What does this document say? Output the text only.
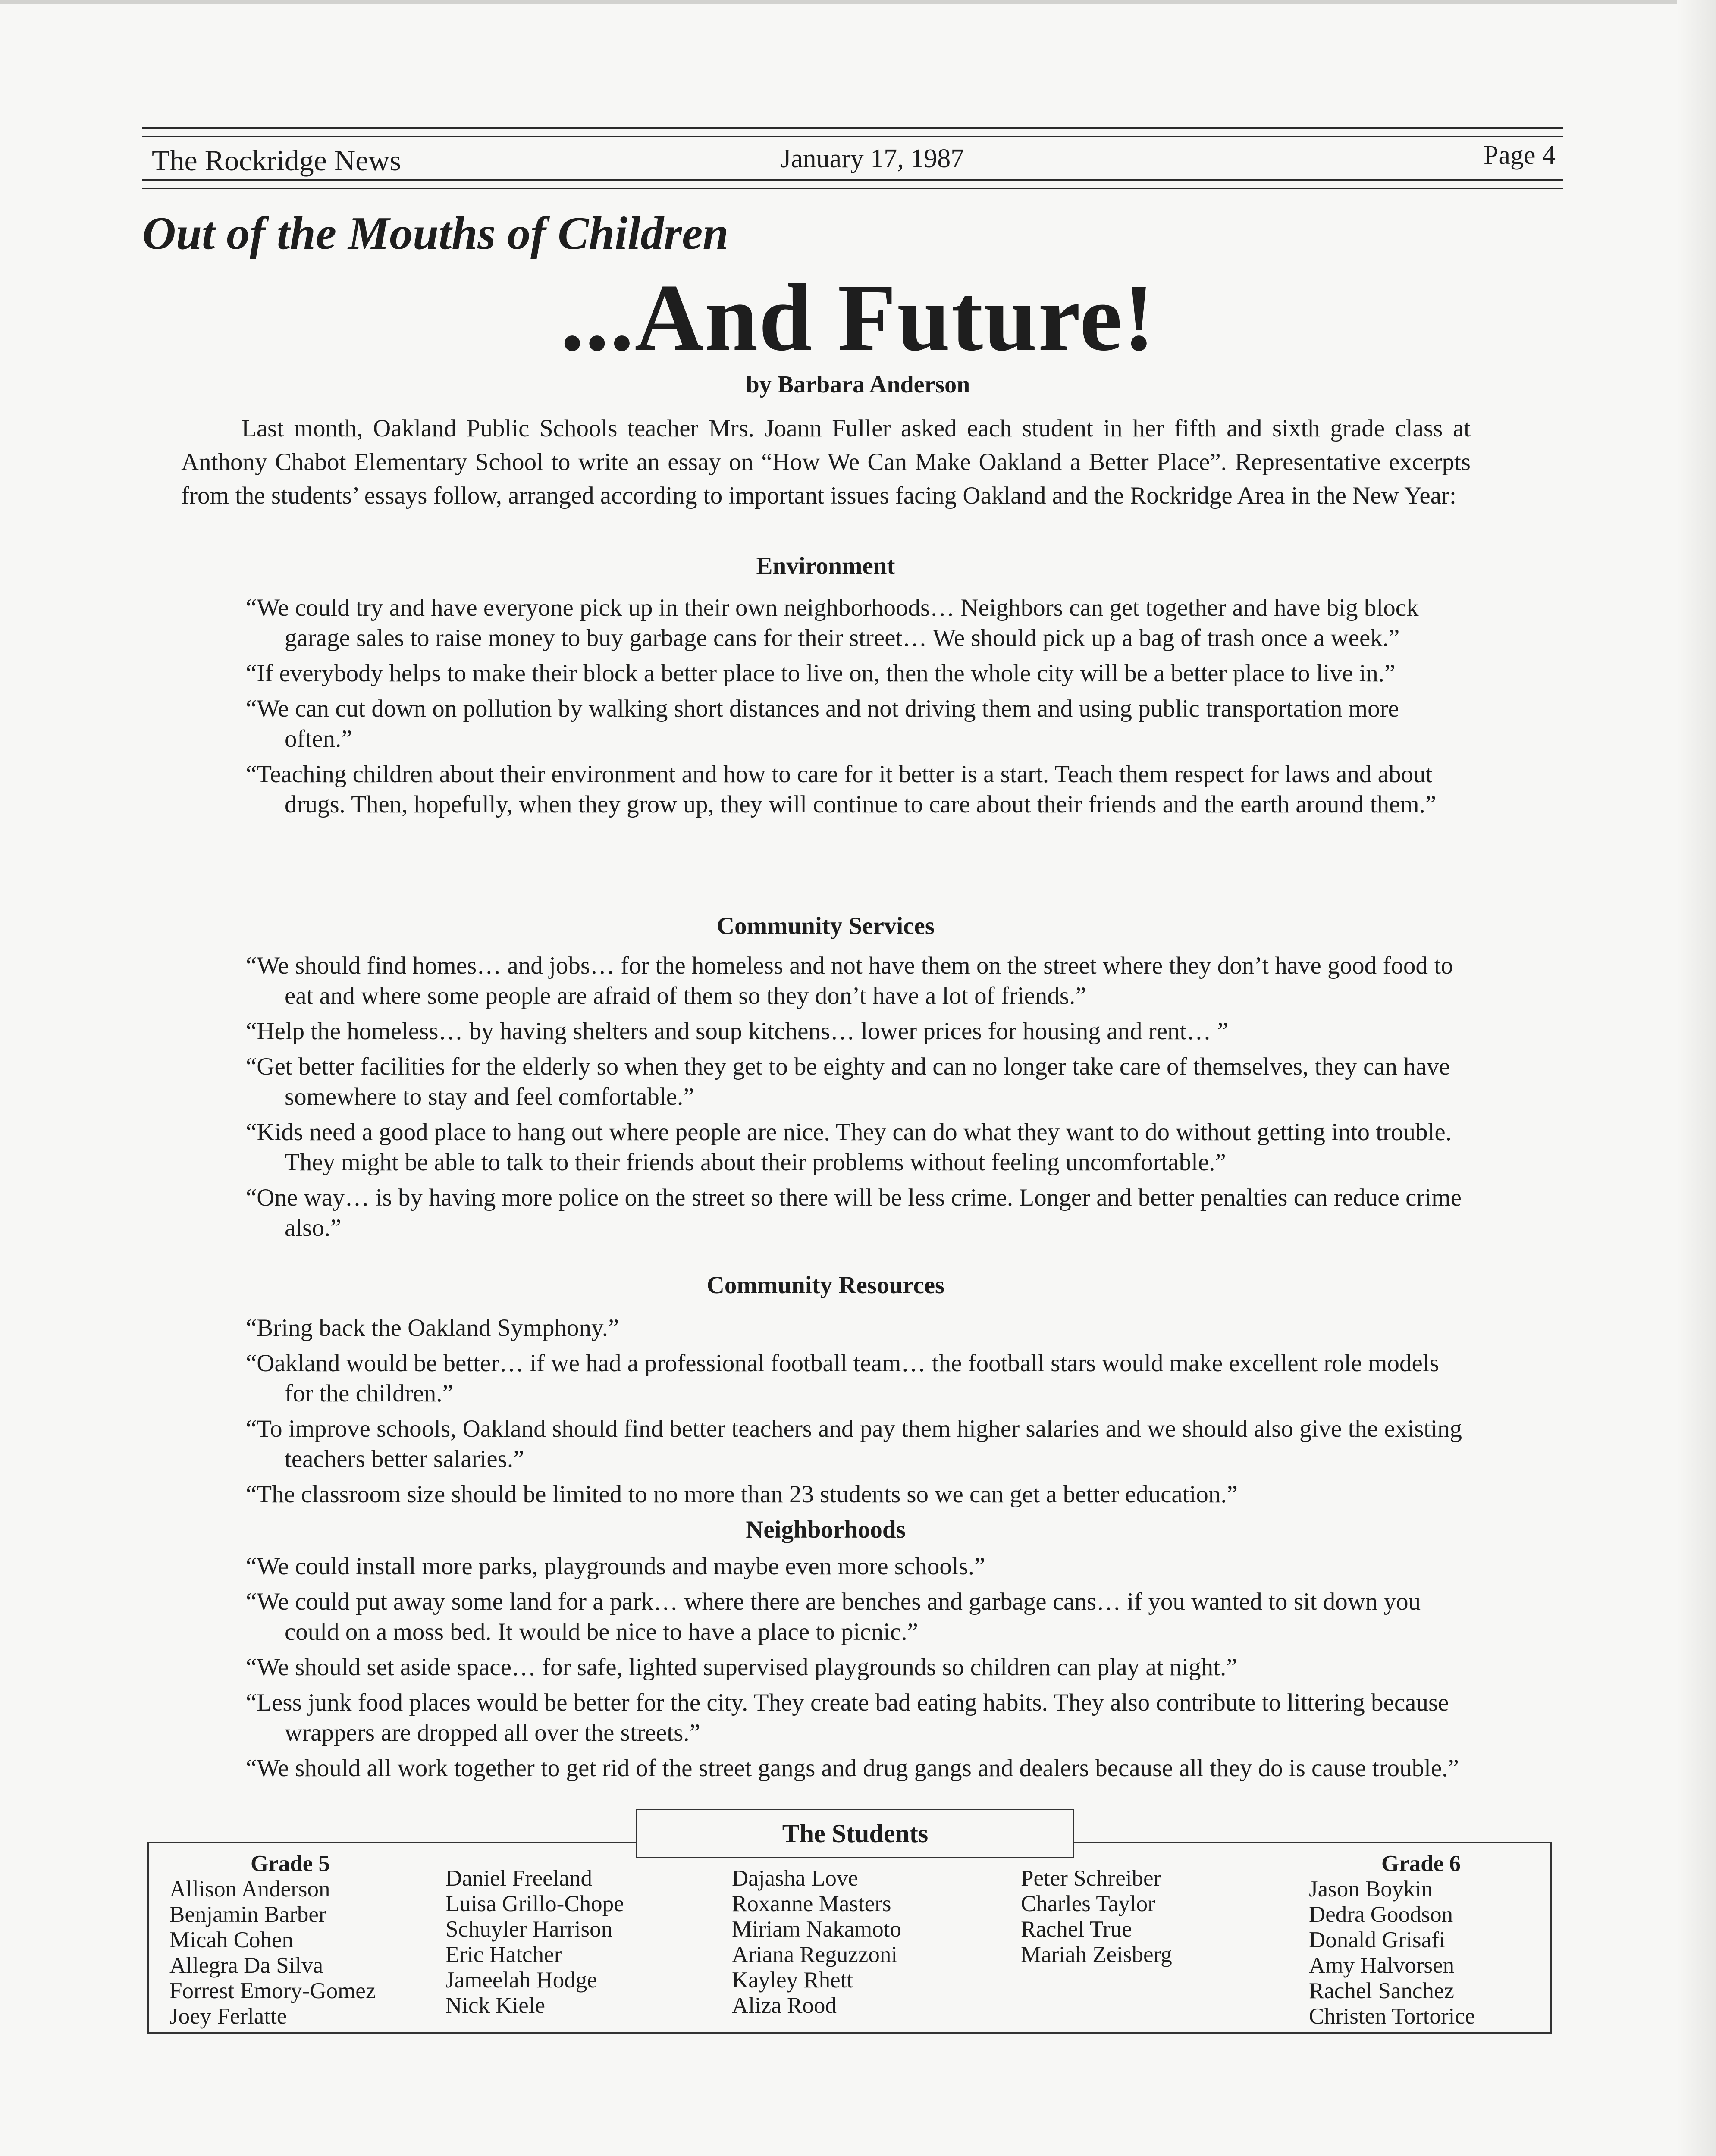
The Rockridge News	January 17, 1987	Page 4
Out of the Mouths of Children
...And Future!
by Barbara Anderson

Last month, Oakland Public Schools teacher Mrs. Joann Fuller asked each student in her fifth and sixth grade class at Anthony Chabot Elementary School to write an essay on “How We Can Make Oakland a Better Place”. Representative excerpts from the students’ essays follow, arranged according to important issues facing Oakland and the Rockridge Area in the New Year:

Environment
“We could try and have everyone pick up in their own neighborhoods… Neighbors can get together and have big block garage sales to raise money to buy garbage cans for their street… We should pick up a bag of trash once a week.”
“If everybody helps to make their block a better place to live on, then the whole city will be a better place to live in.”
“We can cut down on pollution by walking short distances and not driving them and using public transportation more often.”
“Teaching children about their environment and how to care for it better is a start. Teach them respect for laws and about drugs. Then, hopefully, when they grow up, they will continue to care about their friends and the earth around them.”
Community Services
“We should find homes… and jobs… for the homeless and not have them on the street where they don’t have good food to eat and where some people are afraid of them so they don’t have a lot of friends.”
“Help the homeless… by having shelters and soup kitchens… lower prices for housing and rent… ”
“Get better facilities for the elderly so when they get to be eighty and can no longer take care of themselves, they can have somewhere to stay and feel comfortable.”
“Kids need a good place to hang out where people are nice. They can do what they want to do without getting into trouble. They might be able to talk to their friends about their problems without feeling uncomfortable.”
“One way… is by having more police on the street so there will be less crime. Longer and better penalties can reduce crime also.”
Community Resources
“Bring back the Oakland Symphony.”
“Oakland would be better… if we had a professional football team… the football stars would make excellent role models for the children.”
“To improve schools, Oakland should find better teachers and pay them higher salaries and we should also give the existing teachers better salaries.”
“The classroom size should be limited to no more than 23 students so we can get a better education.”
Neighborhoods
“We could install more parks, playgrounds and maybe even more schools.”
“We could put away some land for a park… where there are benches and garbage cans… if you wanted to sit down you could on a moss bed. It would be nice to have a place to picnic.”
“We should set aside space… for safe, lighted supervised playgrounds so children can play at night.”
“Less junk food places would be better for the city. They create bad eating habits. They also contribute to littering because wrappers are dropped all over the streets.”
“We should all work together to get rid of the street gangs and drug gangs and dealers because all they do is cause trouble.”
The Students
Grade 5
Allison Anderson
Benjamin Barber
Micah Cohen
Allegra Da Silva
Forrest Emory-Gomez
Joey Ferlatte
Daniel Freeland
Luisa Grillo-Chope
Schuyler Harrison
Eric Hatcher
Jameelah Hodge
Nick Kiele
Dajasha Love
Roxanne Masters
Miriam Nakamoto
Ariana Reguzzoni
Kayley Rhett
Aliza Rood
Peter Schreiber
Charles Taylor
Rachel True
Mariah Zeisberg
Grade 6
Jason Boykin
Dedra Goodson
Donald Grisafi
Amy Halvorsen
Rachel Sanchez
Christen Tortorice
